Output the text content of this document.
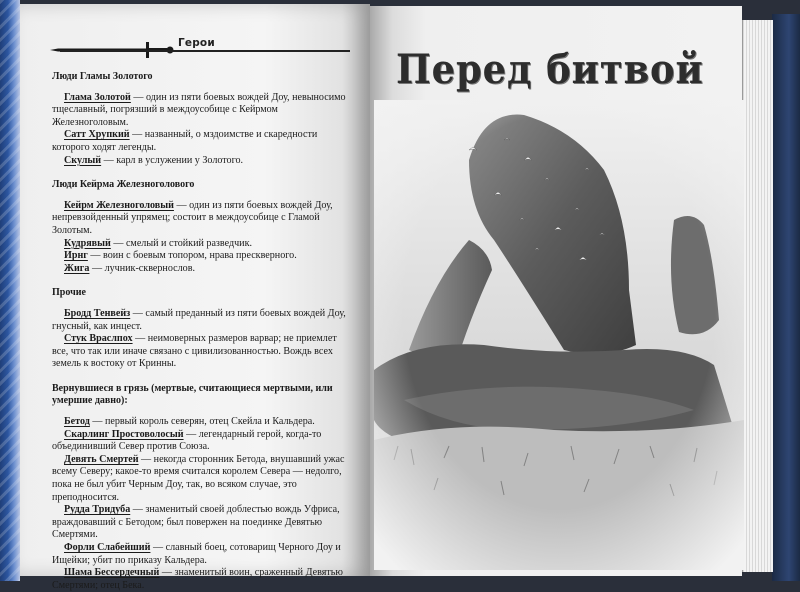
Герои
Люди Гламы Золотого

Глама Золотой — один из пяти боевых вождей Доу, невыносимо тщеславный, погрязший в междоусобице с Кейрмом Железноголовым.

Сатт Хрупкий — названный, о мздоимстве и скаредности которого ходят легенды.

Скулый — карл в услужении у Золотого.

Люди Кейрма Железноголового

Кейрм Железноголовый — один из пяти боевых вождей Доу, непревзойденный упрямец; состоит в междоусобице с Гламой Золотым.

Кудрявый — смелый и стойкий разведчик.

Ирнг — воин с боевым топором, нрава прескверного.

Жига — лучник-сквернослов.

Прочие

Бродд Тенвейз — самый преданный из пяти боевых вождей Доу, гнусный, как инцест.

Стук Враслпох — неимоверных размеров варвар; не приемлет все, что так или иначе связано с цивилизованностью. Вождь всех земель к востоку от Кринны.

Вернувшиеся в грязь (мертвые, считающиеся мертвыми, или умершие давно):

Бетод — первый король северян, отец Скейла и Кальдера.

Скарлинг Простоволосый — легендарный герой, когда-то объединивший Север против Союза.

Девять Смертей — некогда сторонник Бетода, внушавший ужас всему Северу; какое-то время считался королем Севера — недолго, пока не был убит Черным Доу, так, во всяком случае, это преподносится.

Рудда Тридуба — знаменитый своей доблестью вождь Уфриса, враждовавший с Бетодом; был повержен на поединке Девятью Смертями.

Форли Слабейший — славный боец, сотоварищ Черного Доу и Ищейки; убит по приказу Кальдера.

Шама Бессердечный — знаменитый воин, сраженный Девятью Смертями; отец Бека.

Перед битвой
